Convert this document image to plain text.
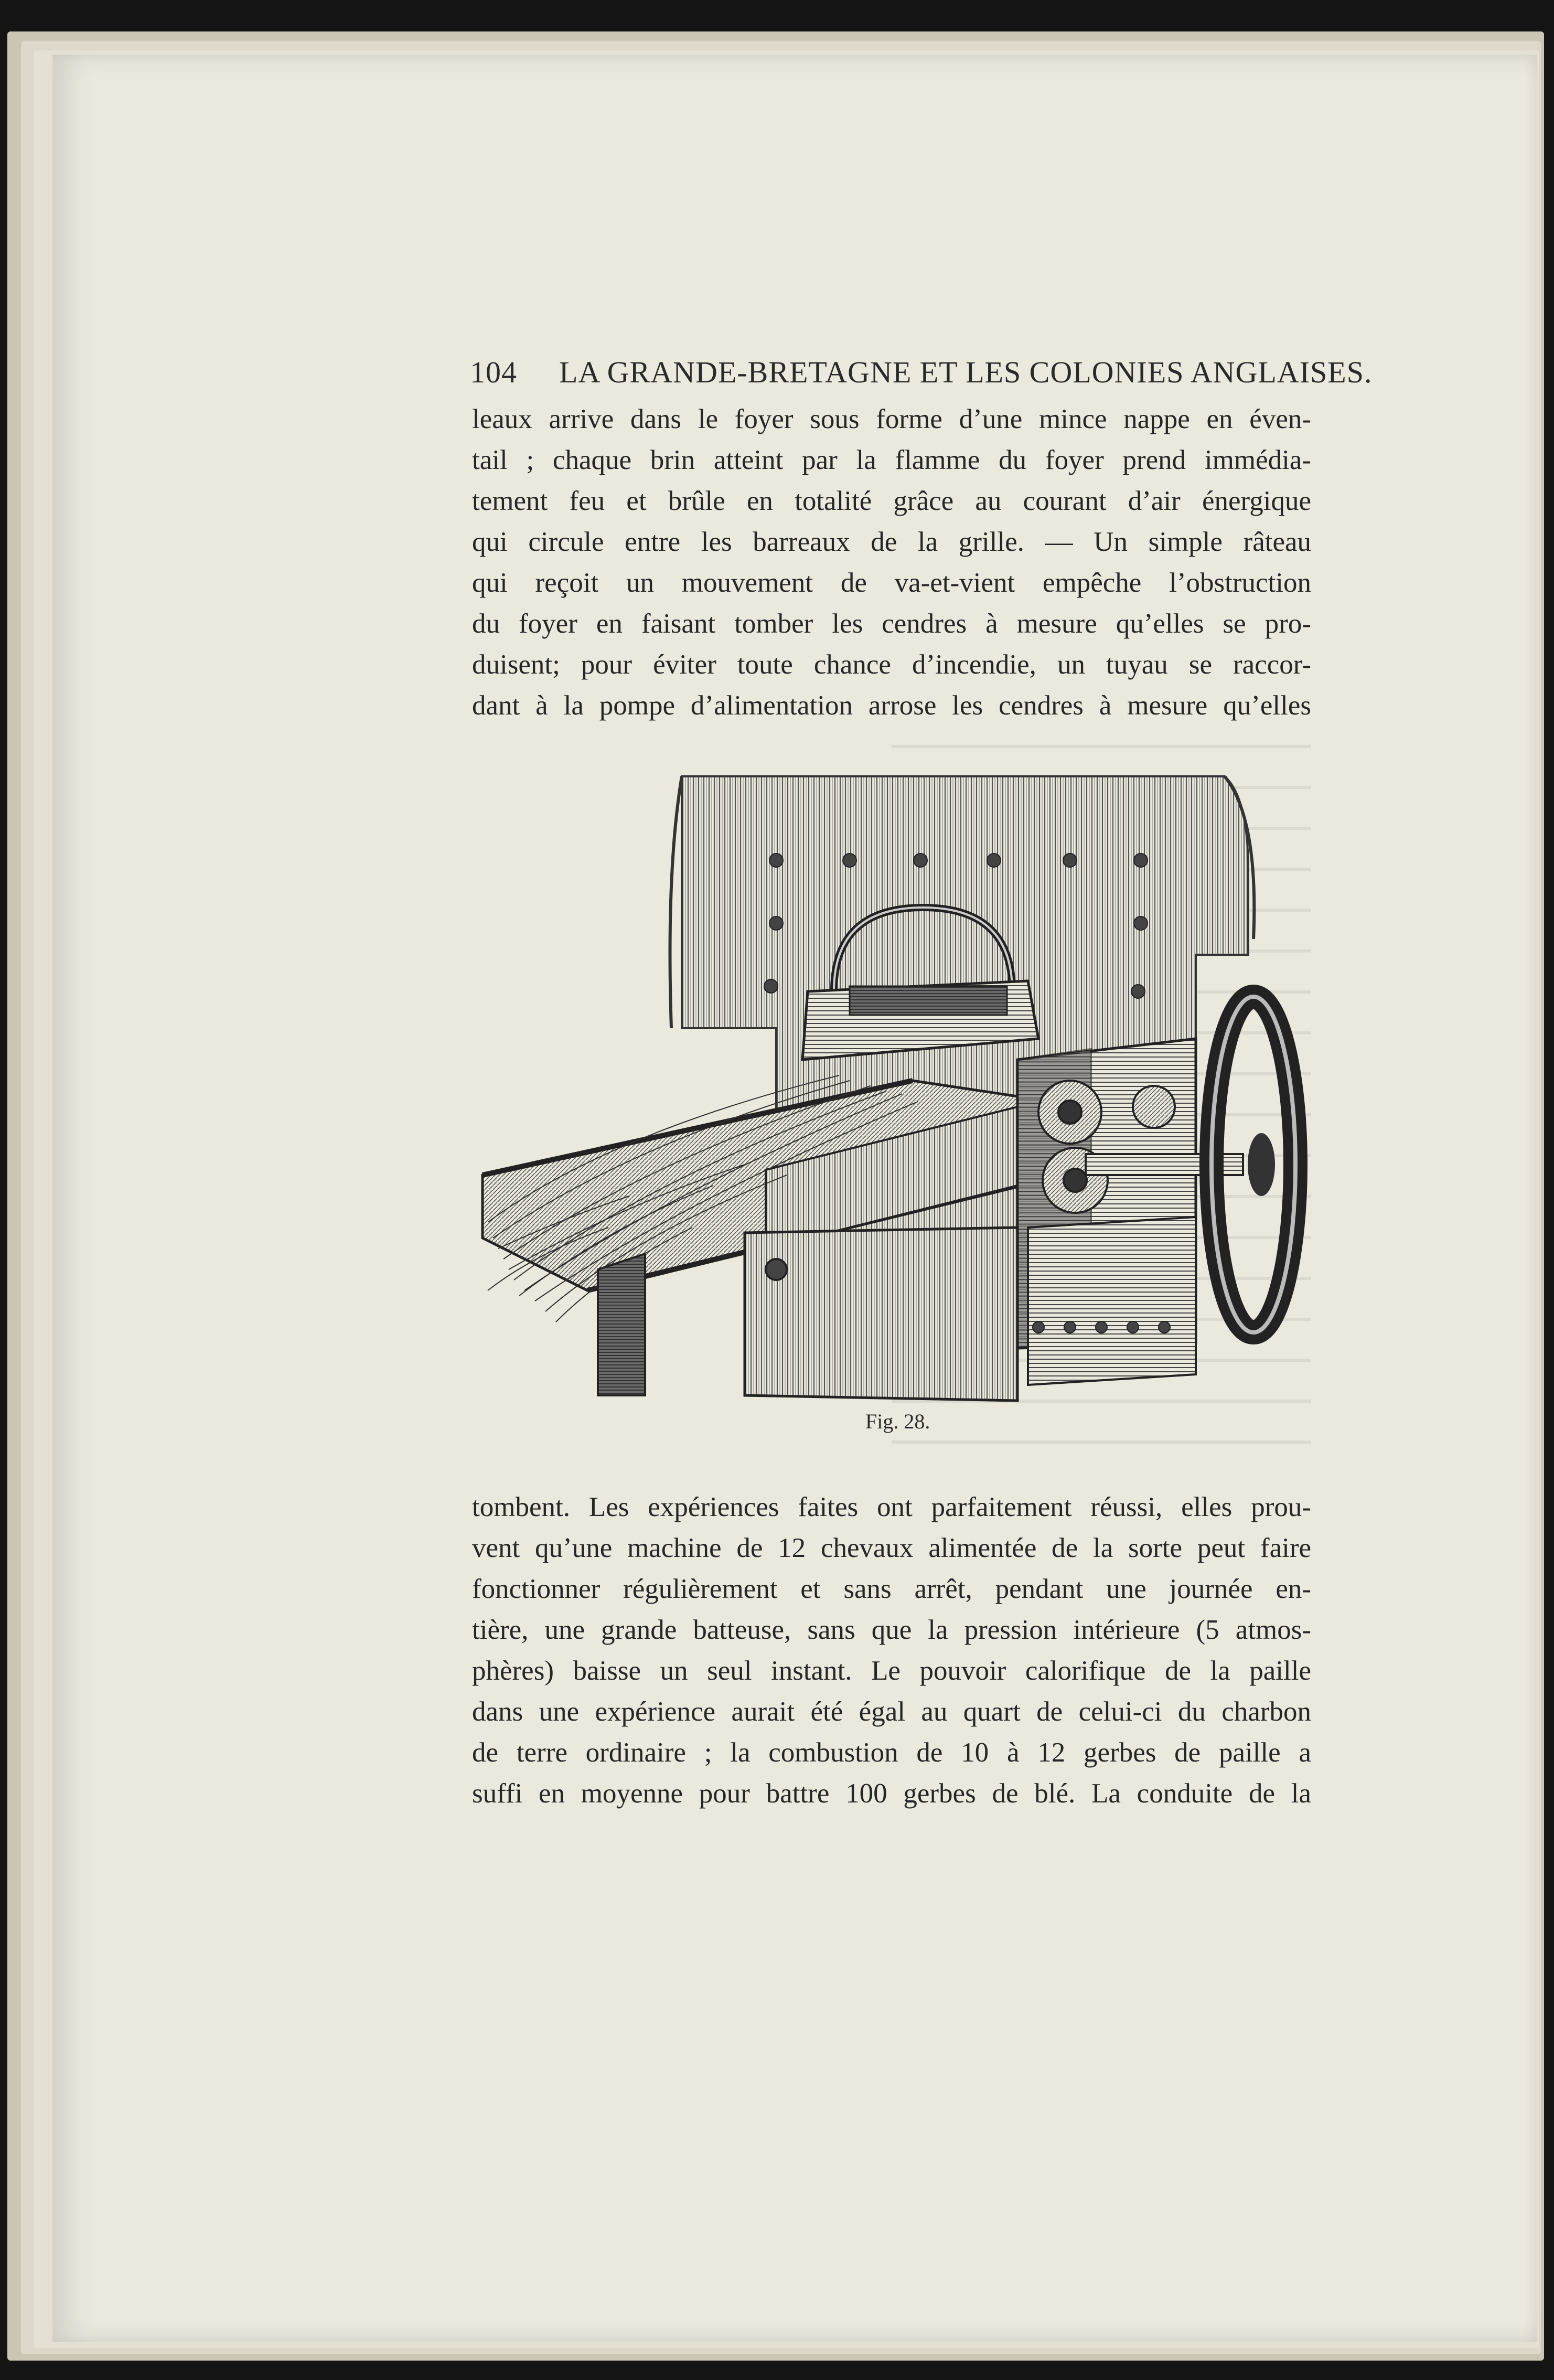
104 LA GRANDE-BRETAGNE ET LES COLONIES ANGLAISES.
leaux arrive dans le foyer sous forme d’une mince nappe en éven-
tail ; chaque brin atteint par la flamme du foyer prend immédia-
tement feu et brûle en totalité grâce au courant d’air énergique
qui circule entre les barreaux de la grille. — Un simple râteau
qui reçoit un mouvement de va-et-vient empêche l’obstruction
du foyer en faisant tomber les cendres à mesure qu’elles se pro-
duisent; pour éviter toute chance d’incendie, un tuyau se raccor-
dant à la pompe d’alimentation arrose les cendres à mesure qu’elles
Fig. 28.
tombent. Les expériences faites ont parfaitement réussi, elles prou-
vent qu’une machine de 12 chevaux alimentée de la sorte peut faire
fonctionner régulièrement et sans arrêt, pendant une journée en-
tière, une grande batteuse, sans que la pression intérieure (5 atmos-
phères) baisse un seul instant. Le pouvoir calorifique de la paille
dans une expérience aurait été égal au quart de celui-ci du charbon
de terre ordinaire ; la combustion de 10 à 12 gerbes de paille a
suffi en moyenne pour battre 100 gerbes de blé. La conduite de la
